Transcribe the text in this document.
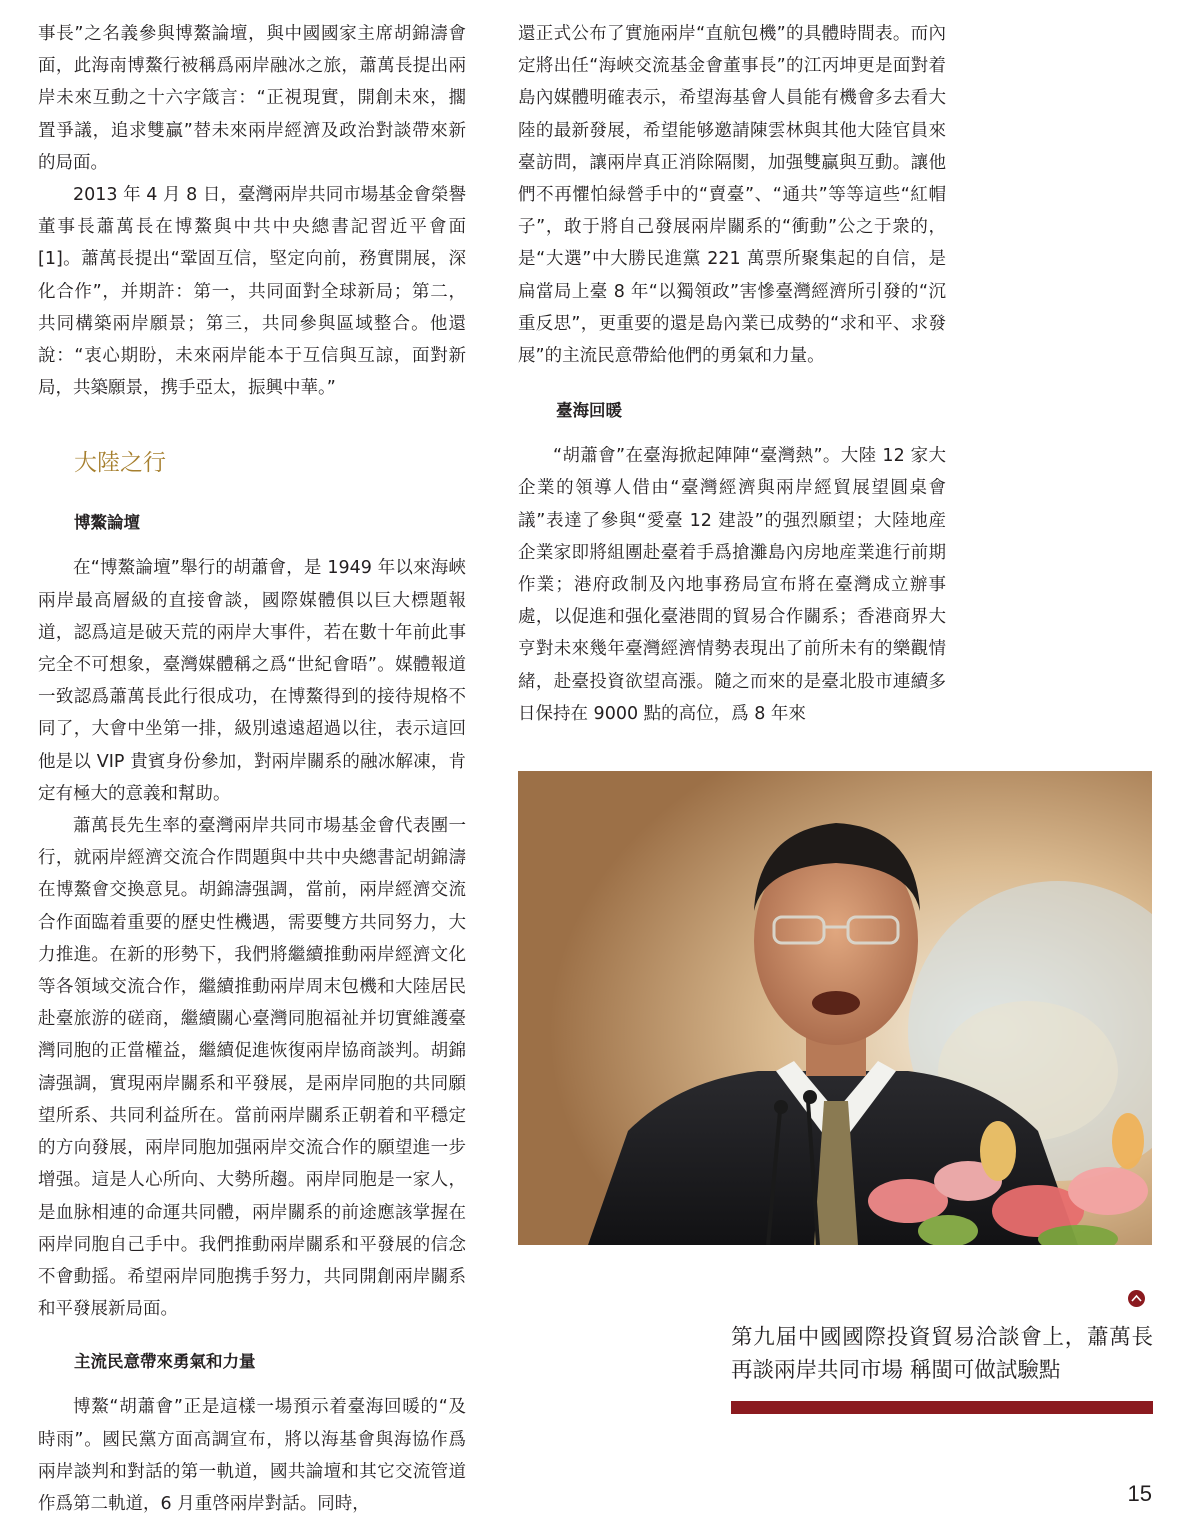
事長”之名義參與博鰲論壇，與中國國家主席胡錦濤會面，此海南博鰲行被稱爲兩岸融冰之旅，蕭萬長提出兩岸未來互動之十六字箴言：“正視現實，開創未來，擱置爭議，追求雙贏”替未來兩岸經濟及政治對談帶來新的局面。

2013 年 4 月 8 日，臺灣兩岸共同市場基金會榮譽董事長蕭萬長在博鰲與中共中央總書記習近平會面 [1]。蕭萬長提出“鞏固互信，堅定向前，務實開展，深化合作”，并期許：第一，共同面對全球新局；第二，共同構築兩岸願景；第三，共同參與區域整合。他還說：“衷心期盼，未來兩岸能本于互信與互諒，面對新局，共築願景，携手亞太，振興中華。”

大陸之行
博鰲論壇

在“博鰲論壇”舉行的胡蕭會，是 1949 年以來海峽兩岸最高層級的直接會談，國際媒體俱以巨大標題報道，認爲這是破天荒的兩岸大事件，若在數十年前此事完全不可想象，臺灣媒體稱之爲“世紀會晤”。媒體報道一致認爲蕭萬長此行很成功，在博鰲得到的接待規格不同了，大會中坐第一排，級別遠遠超過以往，表示這回他是以 VIP 貴賓身份參加，對兩岸關系的融冰解凍，肯定有極大的意義和幫助。

蕭萬長先生率的臺灣兩岸共同市場基金會代表團一行，就兩岸經濟交流合作問題與中共中央總書記胡錦濤在博鰲會交換意見。胡錦濤强調，當前，兩岸經濟交流合作面臨着重要的歷史性機遇，需要雙方共同努力，大力推進。在新的形勢下，我們將繼續推動兩岸經濟文化等各領域交流合作，繼續推動兩岸周末包機和大陸居民赴臺旅游的磋商，繼續關心臺灣同胞福祉并切實維護臺灣同胞的正當權益，繼續促進恢復兩岸協商談判。胡錦濤强調，實現兩岸關系和平發展，是兩岸同胞的共同願望所系、共同利益所在。當前兩岸關系正朝着和平穩定的方向發展，兩岸同胞加强兩岸交流合作的願望進一步增强。這是人心所向、大勢所趨。兩岸同胞是一家人，是血脉相連的命運共同體，兩岸關系的前途應該掌握在兩岸同胞自己手中。我們推動兩岸關系和平發展的信念不會動摇。希望兩岸同胞携手努力，共同開創兩岸關系和平發展新局面。

主流民意帶來勇氣和力量

博鰲“胡蕭會”正是這樣一場預示着臺海回暖的“及時雨”。國民黨方面高調宣布，將以海基會與海協作爲兩岸談判和對話的第一軌道，國共論壇和其它交流管道作爲第二軌道，6 月重啓兩岸對話。同時，

還正式公布了實施兩岸“直航包機”的具體時間表。而內定將出任“海峽交流基金會董事長”的江丙坤更是面對着島內媒體明確表示，希望海基會人員能有機會多去看大陸的最新發展，希望能够邀請陳雲林與其他大陸官員來臺訪問，讓兩岸真正消除隔閡，加强雙贏與互動。讓他們不再懼怕緑營手中的“賣臺”、“通共”等等這些“紅帽子”，敢于將自己發展兩岸關系的“衝動”公之于衆的，是“大選”中大勝民進黨 221 萬票所聚集起的自信，是扁當局上臺 8 年“以獨領政”害慘臺灣經濟所引發的“沉重反思”，更重要的還是島內業已成勢的“求和平、求發展”的主流民意帶給他們的勇氣和力量。

臺海回暖

“胡蕭會”在臺海掀起陣陣“臺灣熱”。大陸 12 家大企業的領導人借由“臺灣經濟與兩岸經貿展望圓桌會議”表達了參與“愛臺 12 建設”的强烈願望；大陸地産企業家即將組團赴臺着手爲搶灘島內房地産業進行前期作業；港府政制及內地事務局宣布將在臺灣成立辦事處，以促進和强化臺港間的貿易合作關系；香港商界大亨對未來幾年臺灣經濟情勢表現出了前所未有的樂觀情緒，赴臺投資欲望高漲。隨之而來的是臺北股市連續多日保持在 9000 點的高位，爲 8 年來

第九届中國國際投資貿易洽談會上，蕭萬長再談兩岸共同市場 稱閩可做試驗點
15
